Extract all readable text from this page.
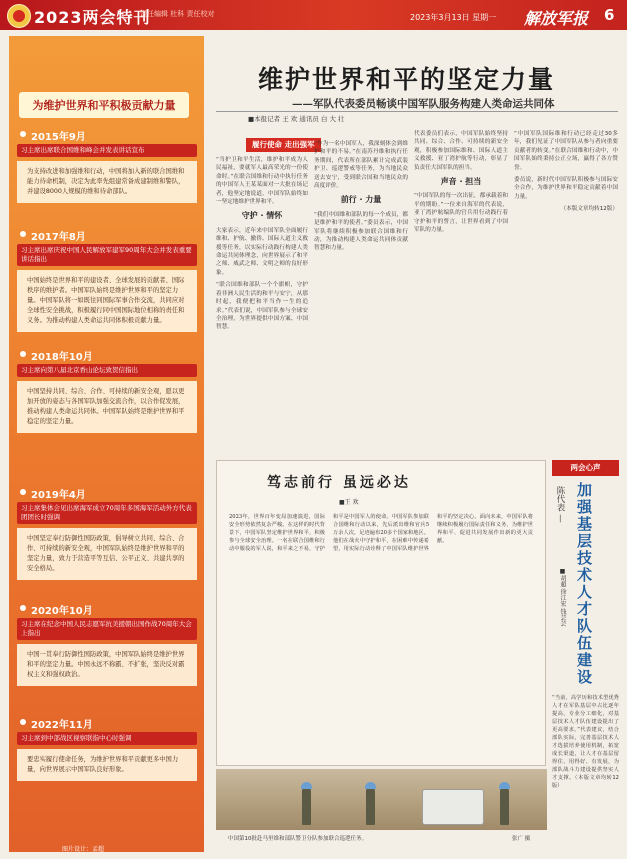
2023两会特刊
责任编辑 杜科 责任校对	2023年3月13日 星期一 解放军报 6
为维护世界和平积极贡献力量
2015年9月
习主席出席联合国维和峰会并发表讲话宣布
为支持改进和加强维和行动，中国将加入新的联合国维和能力待命机制，决定为此率先组建常备成建制维和警队，并建设8000人规模的维和待命部队。
2017年8月
习主席出席庆祝中国人民解放军建军90周年大会并发表重要讲话指出
中国始终是世界和平的建设者、全球发展的贡献者、国际秩序的维护者。中国军队始终是维护世界和平的坚定力量。中国军队将一如既往同国际军事合作交流，共同应对全球性安全挑战，积极履行同中国国际地位相称的责任和义务。为推动构建人类命运共同体积极贡献力量。
2018年10月
习主席向第八届北京香山论坛致贺信指出
中国坚持共同、综合、合作、可持续的新安全观，愿以更加开放的姿态与各国军队加强交流合作，以合作促发展，推动构建人类命运共同体。中国军队始终是维护世界和平稳定的坚定力量。
2019年4月
习主席集体会见出席海军成立70周年多国海军活动外方代表团团长时强调
中国坚定奉行防御性国防政策，倡导树立共同、综合、合作、可持续的新安全观，中国军队始终是维护世界和平的坚定力量，致力于营造平等互信、公平正义、共建共享的安全格局。
2020年10月
习主席在纪念中国人民志愿军抗美援朝出国作战70周年大会上指出
中国一贯奉行防御性国防政策，中国军队始终是维护世界和平的坚定力量。中国永远不称霸、不扩张，坚决反对霸权主义和强权政治。
2022年11月
习主席到中部战区视察联指中心时强调
要忠实履行使命任务，为维护世界和平贡献更多中国力量，向世界展示中国军队良好形象。
图片设计：孟超
维护世界和平的坚定力量
——军队代表委员畅谈中国军队服务构建人类命运共同体
■本报记者 王 欢 通讯员 白 大 壮
履行使命 走出强军

“当护卫和平生活，维护和平成为人民福祉，要就军人最高荣光的一份使命时。”在联合国维和行动中执行任务的中国军人王某某面对一大批在场记者，他坚定地说道，中国军队始终如一坚定地维护世界和平。

守护 · 情怀

大家表示，近年来中国军队全面履行维和、护航、撤侨、国际人道主义救援等任务，以实际行动践行构建人类命运共同体理念，向世界展示了和平之师、威武之师、文明之师的良好形象。

“联合国维和部队一个个旗帜，守护着非洲人民生活的和平与安宁，从那时起，我便把和平当作一生的追求。”代表们说，中国军队参与全球安全治理，为世界提供中国方案、中国智慧。

“作为一名中国军人，我深刻体会到维护和平的不易。”在南苏丹维和执行任务期间，代表所在部队累计完成武装护卫、巡逻警戒等任务，为当地民众送去安宁，受到联合国和当地民众的高度评价。

前行 · 力量

“我们中国维和部队的每一个成员，都是维护和平的使者。”委员表示，中国军队将继续积极参加联合国维和行动，为推动构建人类命运共同体贡献智慧和力量。

代表委员们表示，中国军队始终坚持共同、综合、合作、可持续的新安全观，积极参加国际维和、国际人道主义救援、亚丁湾护航等行动，彰显了负责任大国军队的担当。

声音 · 担当

“中国军队的每一次出征，都承载着和平的期盼。”一位来自海军的代表说，亚丁湾护航编队的官兵用行动践行着守护和平的誓言，让世界看到了中国军队的力量。

“中国军队国际维和行动已经走过30多年，我们见证了中国军队从参与者向重要贡献者的转变。”在联合国维和行动中，中国军队始终秉持公正立场，赢得了各方赞誉。

委员说，新时代中国军队积极参与国际安全合作，为维护世界和平稳定贡献着中国力量。

（本版文章均转12版）

笃志前行 虽远必达
■王 欢
2023年，世界百年变局加速演进，国际安全形势依然复杂严峻。在这样的时代背景下，中国军队坚定维护世界和平，积极参与全球安全治理。一名在联合国维和行动中服役的军人说，和平来之不易，守护和平是中国军人的使命。中国军队参加联合国维和行动以来，先后派出维和官兵5万余人次，足迹遍布20多个国家和地区。他们在战火中守护和平，在困难中传递希望，用实际行动诠释了中国军队维护世界和平的坚定决心。面向未来，中国军队将继续积极履行国际责任和义务，为维护世界和平、促进共同发展作出新的更大贡献。
中国第10批赴马里维和部队警卫分队参加联合巡逻任务。	张广 摄
两会心声
陈代表 — 加强基层技术人才队伍建设
■胡超 徐江宏 钱芸芸
“当前，高学历和技术型优秀人才在军队基层中占比逐年提高，专业分工细化，对基层技术人才队伍建设提出了更高要求。”代表建议，结合部队实际，完善基层技术人才选拔培养使用机制，拓宽成长渠道，让人才在基层留得住、用得好、有发展，为部队战斗力建设提供坚实人才支撑。（本版文章均转12版）
